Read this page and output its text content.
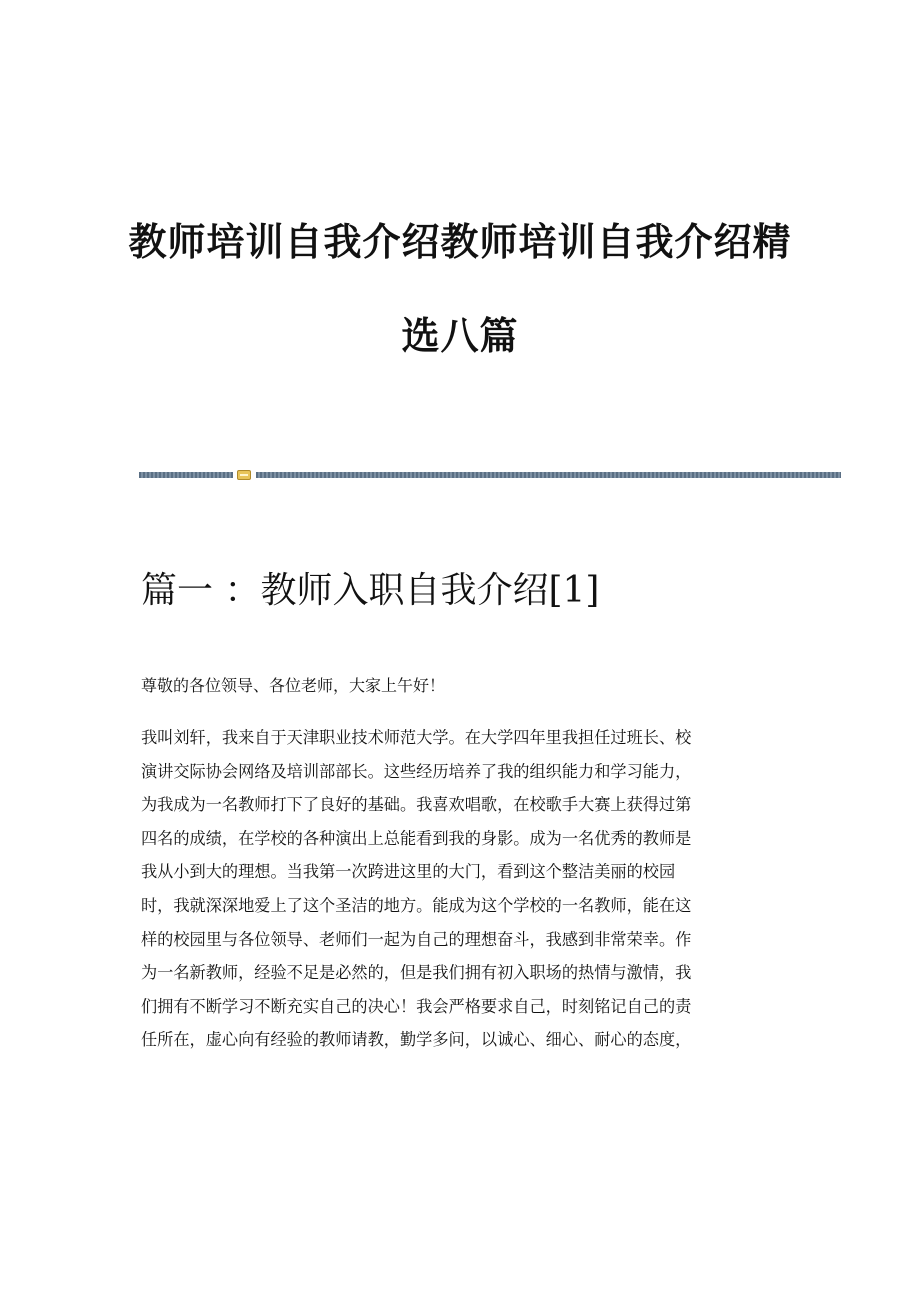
教师培训自我介绍教师培训自我介绍精
选八篇
篇一 ：教师入职自我介绍[1]
尊敬的各位领导、各位老师，大家上午好！
我叫刘轩，我来自于天津职业技术师范大学。在大学四年里我担任过班长、校
演讲交际协会网络及培训部部长。这些经历培养了我的组织能力和学习能力，
为我成为一名教师打下了良好的基础。我喜欢唱歌，在校歌手大赛上获得过第
四名的成绩，在学校的各种演出上总能看到我的身影。成为一名优秀的教师是
我从小到大的理想。当我第一次跨进这里的大门，看到这个整洁美丽的校园
时，我就深深地爱上了这个圣洁的地方。能成为这个学校的一名教师，能在这
样的校园里与各位领导、老师们一起为自己的理想奋斗，我感到非常荣幸。作
为一名新教师，经验不足是必然的，但是我们拥有初入职场的热情与激情，我
们拥有不断学习不断充实自己的决心！我会严格要求自己，时刻铭记自己的责
任所在，虚心向有经验的教师请教，勤学多问，以诚心、细心、耐心的态度，
